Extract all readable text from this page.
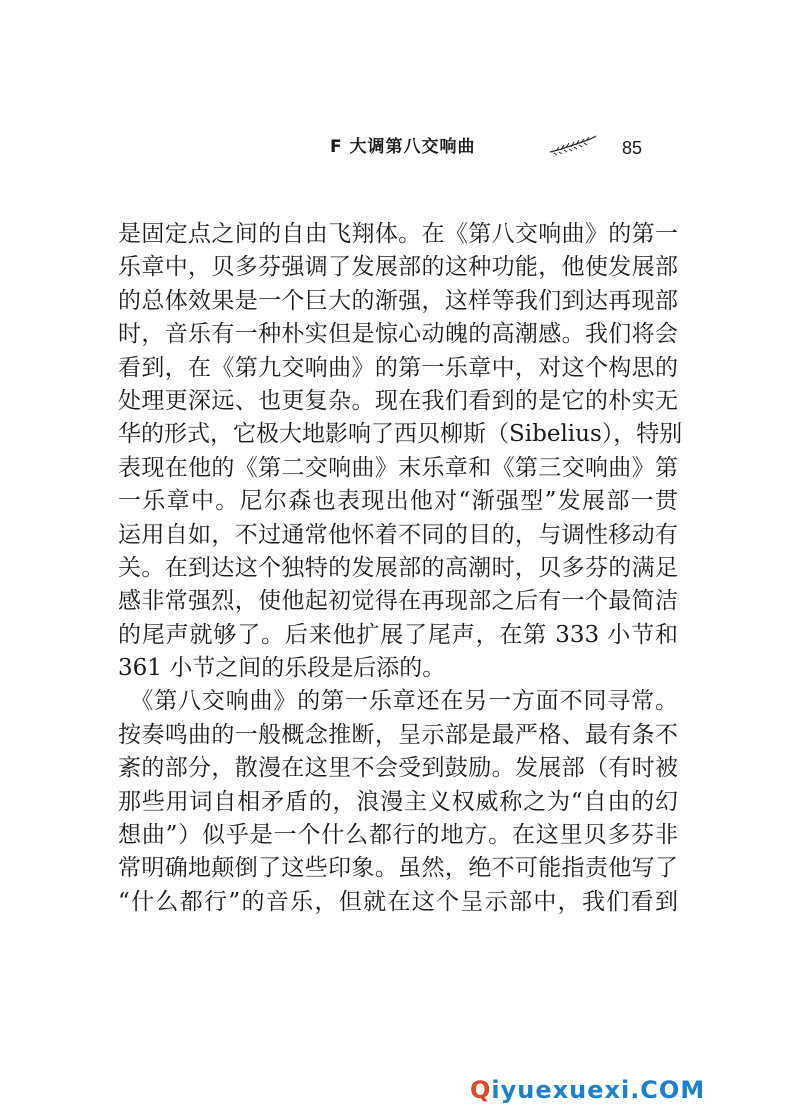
F 大调第八交响曲	85
是固定点之间的自由飞翔体。在《第八交响曲》的第一
乐章中，贝多芬强调了发展部的这种功能，他使发展部
的总体效果是一个巨大的渐强，这样等我们到达再现部
时，音乐有一种朴实但是惊心动魄的高潮感。我们将会
看到，在《第九交响曲》的第一乐章中，对这个构思的
处理更深远、也更复杂。现在我们看到的是它的朴实无
华的形式，它极大地影响了西贝柳斯（Sibelius），特别
表现在他的《第二交响曲》末乐章和《第三交响曲》第
一乐章中。尼尔森也表现出他对“渐强型”发展部一贯
运用自如，不过通常他怀着不同的目的，与调性移动有
关。在到达这个独特的发展部的高潮时，贝多芬的满足
感非常强烈，使他起初觉得在再现部之后有一个最简洁
的尾声就够了。后来他扩展了尾声，在第 333 小节和
361 小节之间的乐段是后添的。
　《第八交响曲》的第一乐章还在另一方面不同寻常。
按奏鸣曲的一般概念推断，呈示部是最严格、最有条不
紊的部分，散漫在这里不会受到鼓励。发展部（有时被
那些用词自相矛盾的，浪漫主义权威称之为“自由的幻
想曲”）似乎是一个什么都行的地方。在这里贝多芬非
常明确地颠倒了这些印象。虽然，绝不可能指责他写了
“什么都行”的音乐，但就在这个呈示部中，我们看到
Qiyuexuexi.COM
